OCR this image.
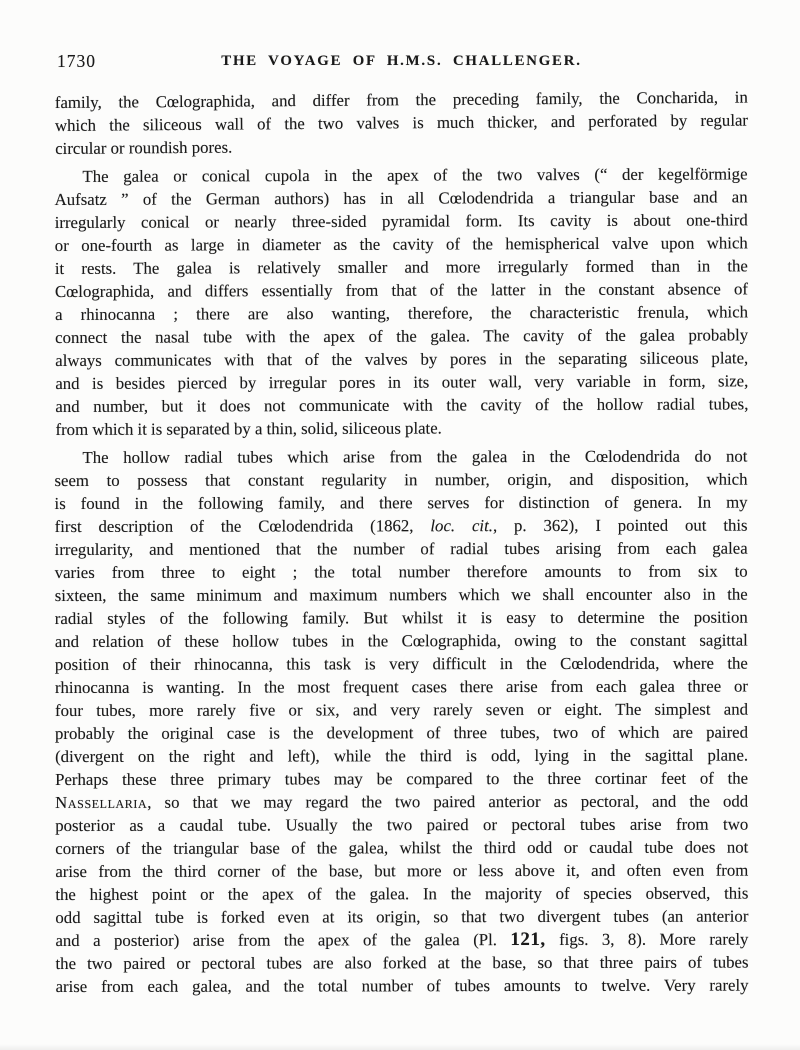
1730	THE VOYAGE OF H.M.S. CHALLENGER.
family, the Cœlographida, and differ from the preceding family, the Concharida, in
which the siliceous wall of the two valves is much thicker, and perforated by regular
circular or roundish pores.
The galea or conical cupola in the apex of the two valves (“ der kegelförmige
Aufsatz ” of the German authors) has in all Cœlodendrida a triangular base and an
irregularly conical or nearly three-sided pyramidal form. Its cavity is about one-third
or one-fourth as large in diameter as the cavity of the hemispherical valve upon which
it rests. The galea is relatively smaller and more irregularly formed than in the
Cœlographida, and differs essentially from that of the latter in the constant absence of
a rhinocanna ; there are also wanting, therefore, the characteristic frenula, which
connect the nasal tube with the apex of the galea. The cavity of the galea probably
always communicates with that of the valves by pores in the separating siliceous plate,
and is besides pierced by irregular pores in its outer wall, very variable in form, size,
and number, but it does not communicate with the cavity of the hollow radial tubes,
from which it is separated by a thin, solid, siliceous plate.
The hollow radial tubes which arise from the galea in the Cœlodendrida do not
seem to possess that constant regularity in number, origin, and disposition, which
is found in the following family, and there serves for distinction of genera. In my
first description of the Cœlodendrida (1862, loc. cit., p. 362), I pointed out this
irregularity, and mentioned that the number of radial tubes arising from each galea
varies from three to eight ; the total number therefore amounts to from six to
sixteen, the same minimum and maximum numbers which we shall encounter also in the
radial styles of the following family. But whilst it is easy to determine the position
and relation of these hollow tubes in the Cœlographida, owing to the constant sagittal
position of their rhinocanna, this task is very difficult in the Cœlodendrida, where the
rhinocanna is wanting. In the most frequent cases there arise from each galea three or
four tubes, more rarely five or six, and very rarely seven or eight. The simplest and
probably the original case is the development of three tubes, two of which are paired
(divergent on the right and left), while the third is odd, lying in the sagittal plane.
Perhaps these three primary tubes may be compared to the three cortinar feet of the
Nassellaria, so that we may regard the two paired anterior as pectoral, and the odd
posterior as a caudal tube. Usually the two paired or pectoral tubes arise from two
corners of the triangular base of the galea, whilst the third odd or caudal tube does not
arise from the third corner of the base, but more or less above it, and often even from
the highest point or the apex of the galea. In the majority of species observed, this
odd sagittal tube is forked even at its origin, so that two divergent tubes (an anterior
and a posterior) arise from the apex of the galea (Pl. 121, figs. 3, 8). More rarely
the two paired or pectoral tubes are also forked at the base, so that three pairs of tubes
arise from each galea, and the total number of tubes amounts to twelve. Very rarely
